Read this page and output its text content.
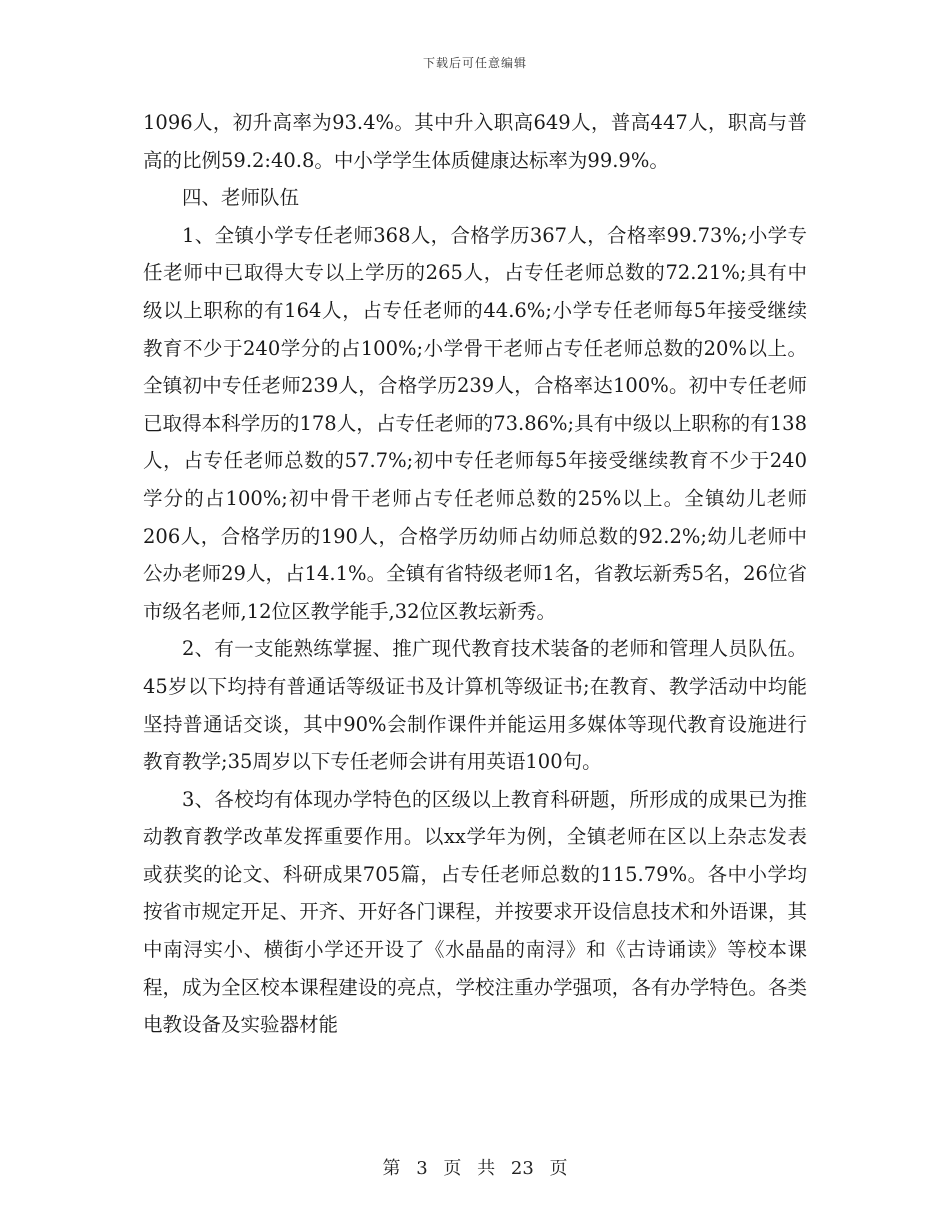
下载后可任意编辑

1096人，初升高率为93.4%。其中升入职高649人，普高447人，职高与普高的比例59.2:40.8。中小学学生体质健康达标率为99.9%。

四、老师队伍

1、全镇小学专任老师368人，合格学历367人，合格率99.73%;小学专任老师中已取得大专以上学历的265人，占专任老师总数的72.21%;具有中级以上职称的有164人，占专任老师的44.6%;小学专任老师每5年接受继续教育不少于240学分的占100%;小学骨干老师占专任老师总数的20%以上。全镇初中专任老师239人，合格学历239人，合格率达100%。初中专任老师已取得本科学历的178人，占专任老师的73.86%;具有中级以上职称的有138人，占专任老师总数的57.7%;初中专任老师每5年接受继续教育不少于240学分的占100%;初中骨干老师占专任老师总数的25%以上。全镇幼儿老师206人，合格学历的190人，合格学历幼师占幼师总数的92.2%;幼儿老师中公办老师29人，占14.1%。全镇有省特级老师1名，省教坛新秀5名，26位省市级名老师,12位区教学能手,32位区教坛新秀。

2、有一支能熟练掌握、推广现代教育技术装备的老师和管理人员队伍。45岁以下均持有普通话等级证书及计算机等级证书;在教育、教学活动中均能坚持普通话交谈，其中90%会制作课件并能运用多媒体等现代教育设施进行教育教学;35周岁以下专任老师会讲有用英语100句。

3、各校均有体现办学特色的区级以上教育科研题，所形成的成果已为推动教育教学改革发挥重要作用。以xx学年为例，全镇老师在区以上杂志发表或获奖的论文、科研成果705篇，占专任老师总数的115.79%。各中小学均按省市规定开足、开齐、开好各门课程，并按要求开设信息技术和外语课，其中南浔实小、横街小学还开设了《水晶晶的南浔》和《古诗诵读》等校本课程，成为全区校本课程建设的亮点，学校注重办学强项，各有办学特色。各类电教设备及实验器材能

第 3 页 共 23 页
